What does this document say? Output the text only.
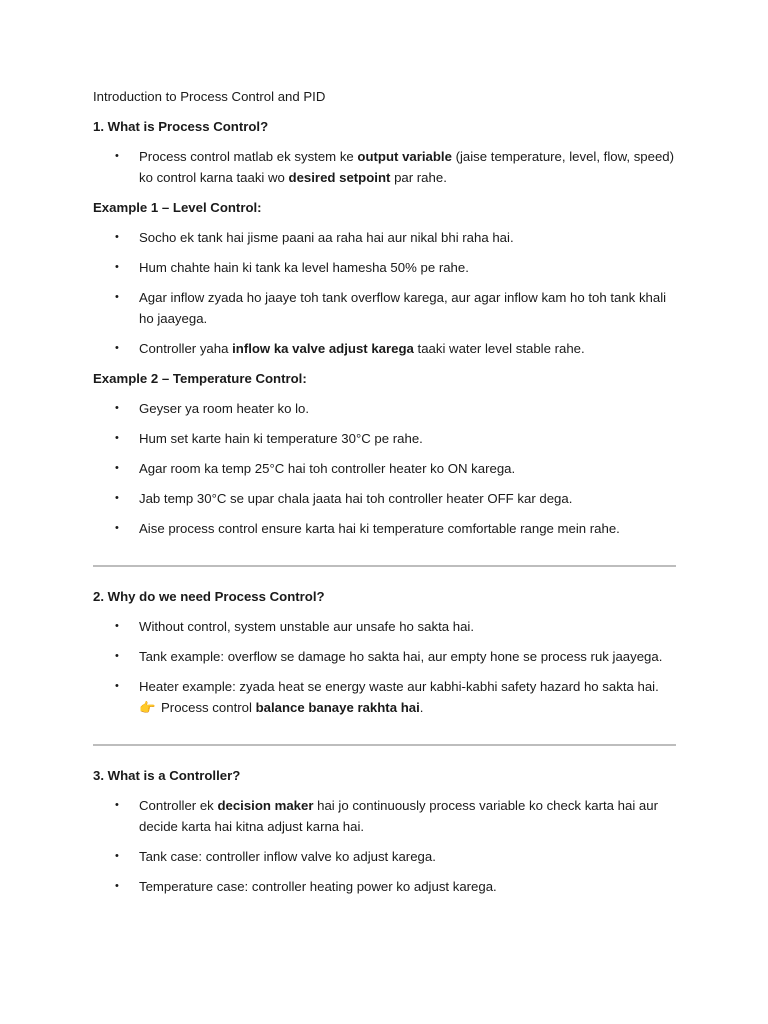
Introduction to Process Control and PID

1. What is Process Control?

• Process control matlab ek system ke output variable (jaise temperature, level, flow, speed) ko control karna taaki wo desired setpoint par rahe.

Example 1 – Level Control:

• Socho ek tank hai jisme paani aa raha hai aur nikal bhi raha hai.
• Hum chahte hain ki tank ka level hamesha 50% pe rahe.
• Agar inflow zyada ho jaaye toh tank overflow karega, aur agar inflow kam ho toh tank khali ho jaayega.
• Controller yaha inflow ka valve adjust karega taaki water level stable rahe.

Example 2 – Temperature Control:

• Geyser ya room heater ko lo.
• Hum set karte hain ki temperature 30°C pe rahe.
• Agar room ka temp 25°C hai toh controller heater ko ON karega.
• Jab temp 30°C se upar chala jaata hai toh controller heater OFF kar dega.
• Aise process control ensure karta hai ki temperature comfortable range mein rahe.

2. Why do we need Process Control?

• Without control, system unstable aur unsafe ho sakta hai.
• Tank example: overflow se damage ho sakta hai, aur empty hone se process ruk jaayega.
• Heater example: zyada heat se energy waste aur kabhi-kabhi safety hazard ho sakta hai.
👉 Process control balance banaye rakhta hai.

3. What is a Controller?

• Controller ek decision maker hai jo continuously process variable ko check karta hai aur decide karta hai kitna adjust karna hai.
• Tank case: controller inflow valve ko adjust karega.
• Temperature case: controller heating power ko adjust karega.
